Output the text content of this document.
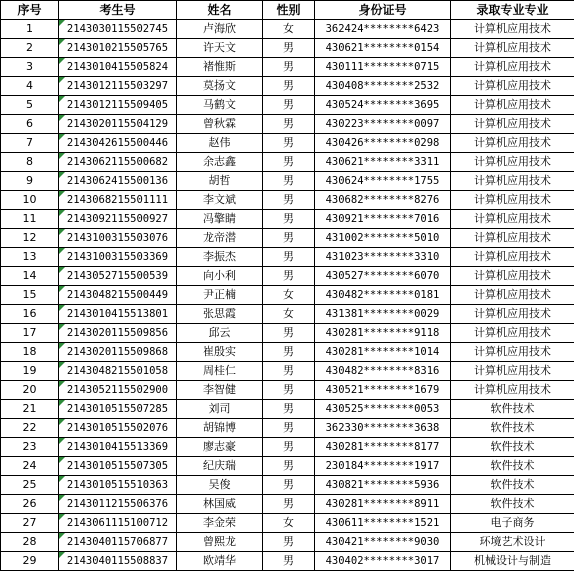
序号	考生号	姓名	性别	身份证号	录取专业专业
1	2143030115502745	卢海欣	女	362424********6423	计算机应用技术
2	2143010215505765	许天文	男	430621********0154	计算机应用技术
3	2143010415505824	褚惟斯	男	430111********0715	计算机应用技术
4	2143012115503297	莫扬文	男	430408********2532	计算机应用技术
5	2143012115509405	马鹤文	男	430524********3695	计算机应用技术
6	2143020115504129	曾秋霖	男	430223********0097	计算机应用技术
7	2143042615500446	赵伟	男	430426********0298	计算机应用技术
8	2143062115500682	余志鑫	男	430621********3311	计算机应用技术
9	2143062415500136	胡哲	男	430624********1755	计算机应用技术
10	2143068215501111	李文斌	男	430682********8276	计算机应用技术
11	2143092115500927	冯擎睛	男	430921********7016	计算机应用技术
12	2143100315503076	龙帝潜	男	431002********5010	计算机应用技术
13	2143100315503369	李振杰	男	431023********3310	计算机应用技术
14	2143052715500539	向小利	男	430527********6070	计算机应用技术
15	2143048215500449	尹正楠	女	430482********0181	计算机应用技术
16	2143010415513801	张思霞	女	431381********0029	计算机应用技术
17	2143020115509856	邱云	男	430281********9118	计算机应用技术
18	2143020115509868	崔殷实	男	430281********1014	计算机应用技术
19	2143048215501058	周桂仁	男	430482********8316	计算机应用技术
20	2143052115502900	李智健	男	430521********1679	计算机应用技术
21	2143010515507285	刘司	男	430525********0053	软件技术
22	2143010515502076	胡锦博	男	362330********3638	软件技术
23	2143010415513369	廖志豪	男	430281********8177	软件技术
24	2143010515507305	纪庆瑞	男	230184********1917	软件技术
25	2143010515510363	吴俊	男	430821********5936	软件技术
26	2143011215506376	林国威	男	430281********8911	软件技术
27	2143061115100712	李金荣	女	430611********1521	电子商务
28	2143040115706877	曾熙龙	男	430421********9030	环境艺术设计
29	2143040115508837	欧靖华	男	430402********3017	机械设计与制造
